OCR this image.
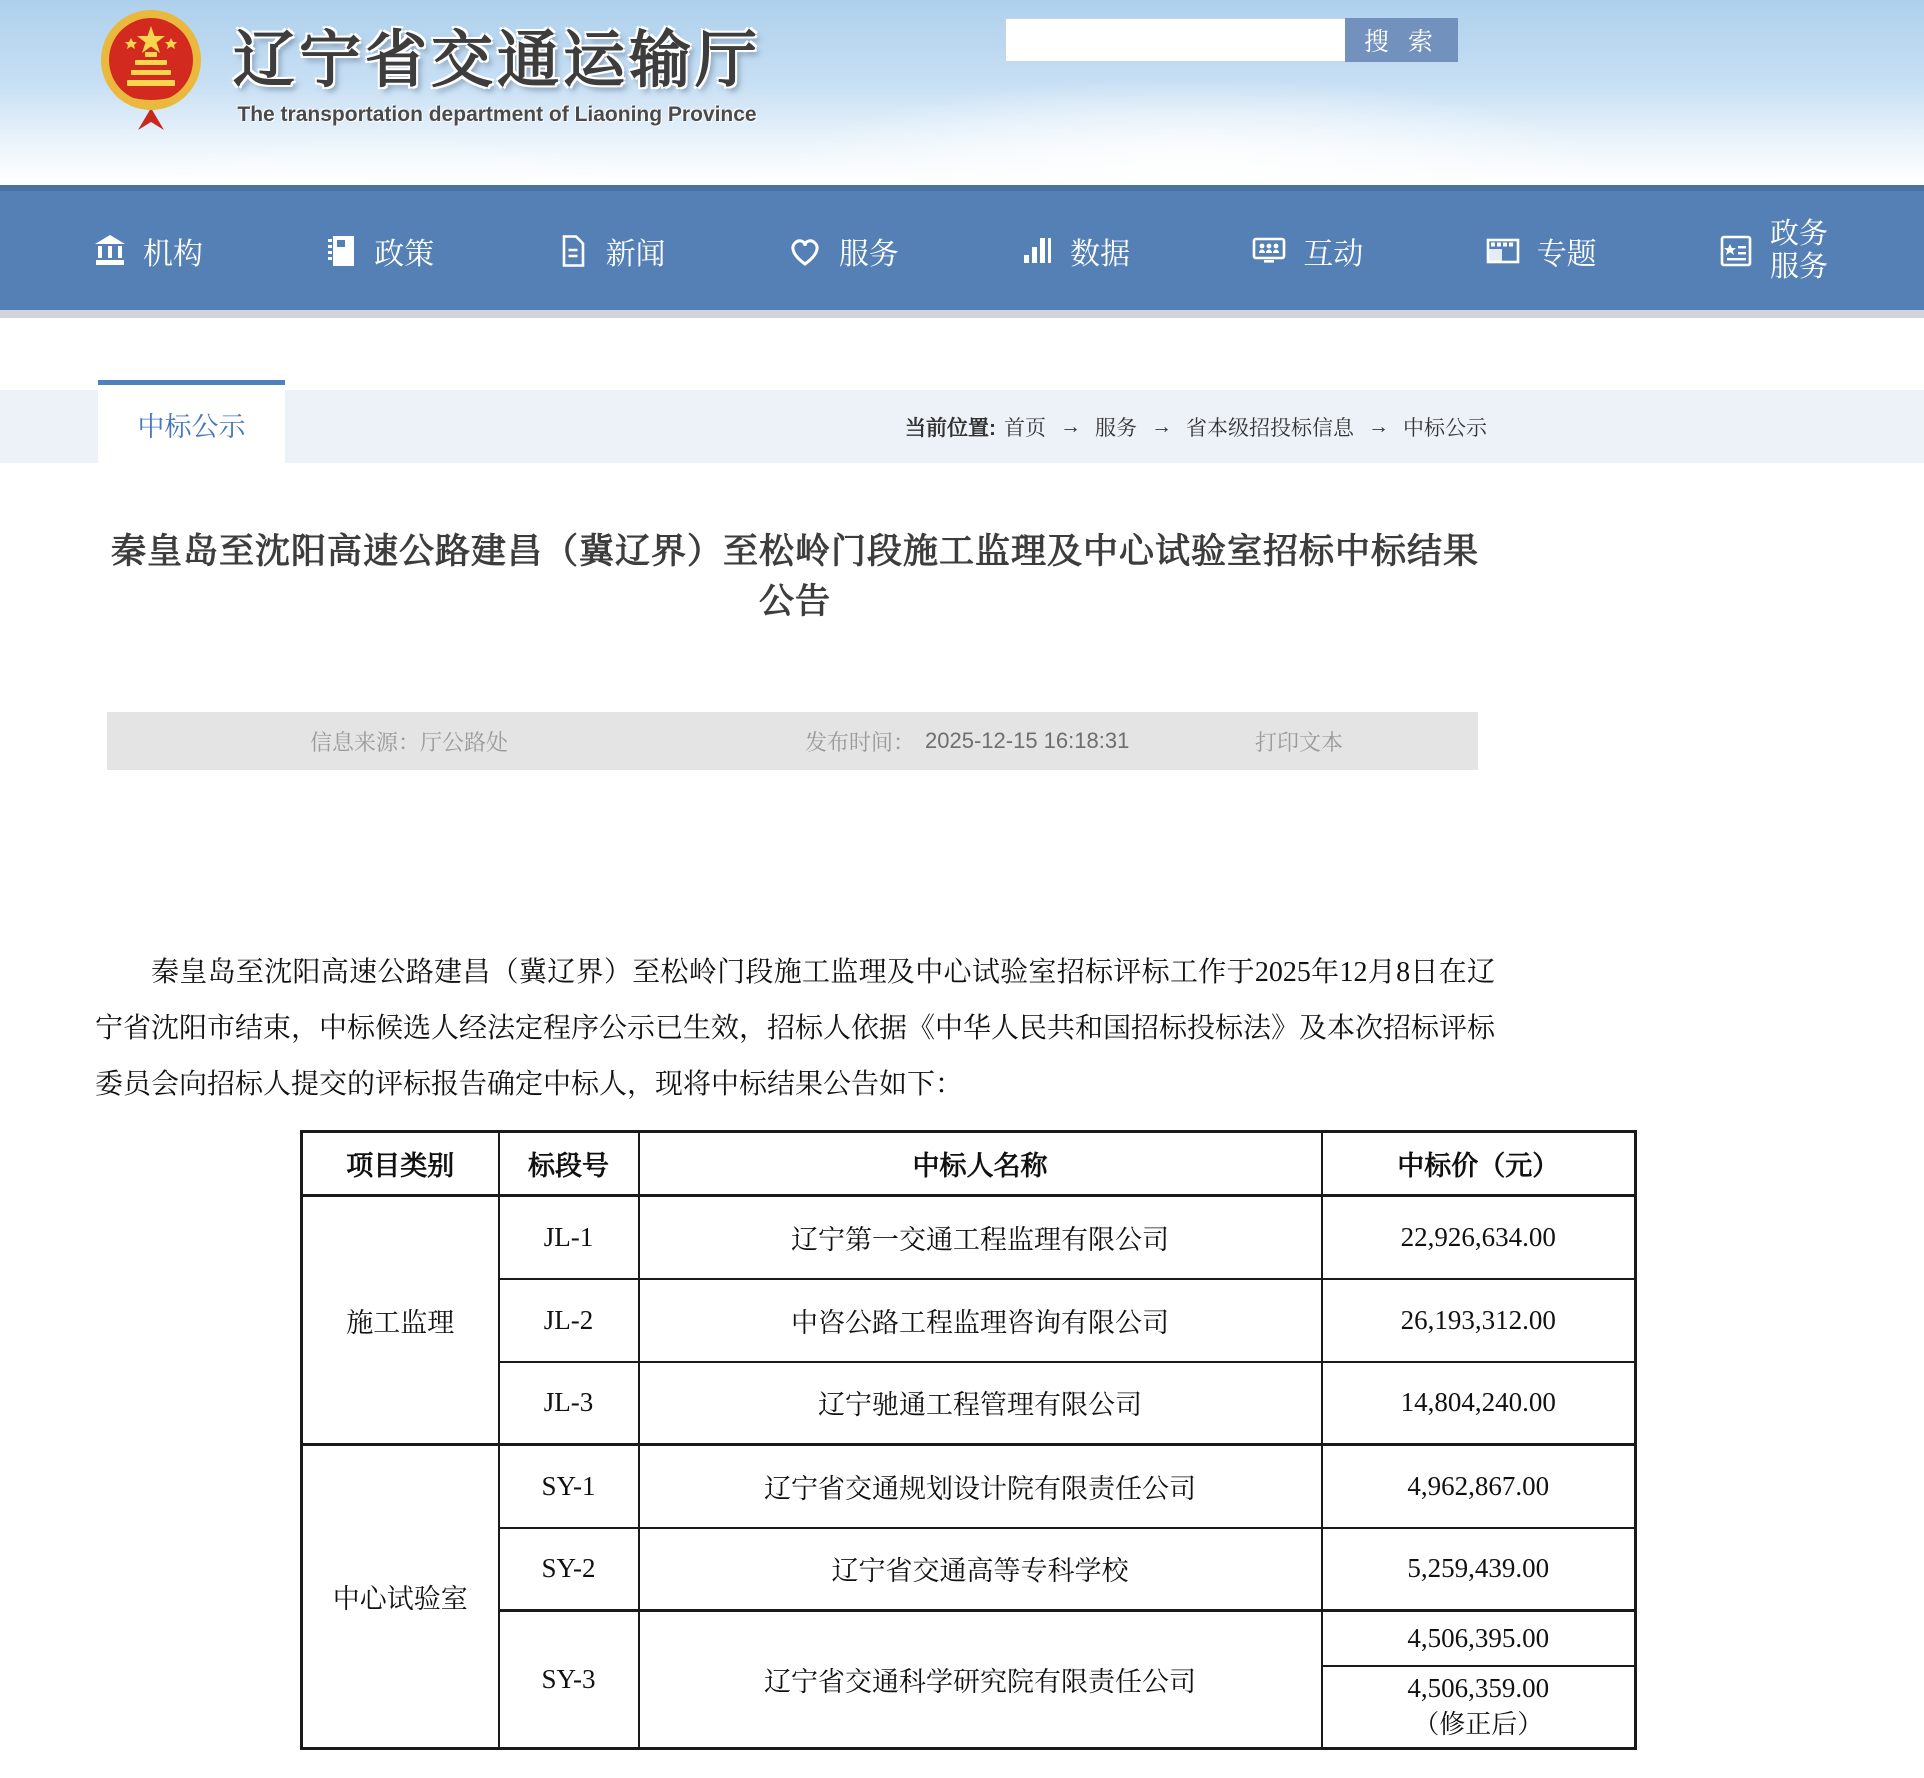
辽宁省交通运输厅
The transportation department of Liaoning Province
搜 索
机构	政策	新闻	服务	数据	互动	专题
政务服务
中标公示	当前位置: 首页 → 服务 → 省本级招投标信息 → 中标公示
秦皇岛至沈阳高速公路建昌（冀辽界）至松岭门段施工监理及中心试验室招标中标结果公告
信息来源： 厅公路处	发布时间： 2025-12-15 16:18:31	打印文本

秦皇岛至沈阳高速公路建昌（冀辽界）至松岭门段施工监理及中心试验室招标评标工作于2025年12月8日在辽宁省沈阳市结束，中标候选人经法定程序公示已生效，招标人依据《中华人民共和国招标投标法》及本次招标评标委员会向招标人提交的评标报告确定中标人，现将中标结果公告如下：

项目类别	标段号	中标人名称	中标价（元）
施工监理	JL-1	辽宁第一交通工程监理有限公司	22,926,634.00
	JL-2	中咨公路工程监理咨询有限公司	26,193,312.00
	JL-3	辽宁驰通工程管理有限公司	14,804,240.00
中心试验室	SY-1	辽宁省交通规划设计院有限责任公司	4,962,867.00
	SY-2	辽宁省交通高等专科学校	5,259,439.00
	SY-3	辽宁省交通科学研究院有限责任公司	4,506,395.00

			4,506,359.00
（修正后）
